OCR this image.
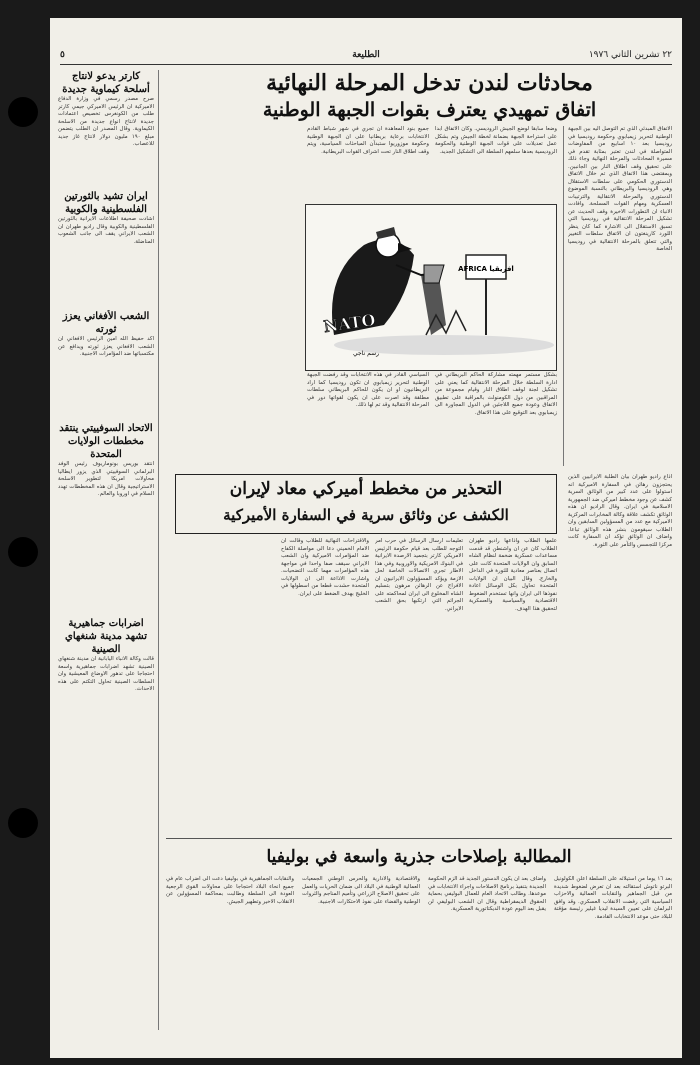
٢٢ تشرين الثاني ١٩٧٦
الطليعة
٥
محادثات لندن تدخل المرحلة النهائية
اتفاق تمهيدي يعترف بقوات الجبهة الوطنية
الاتفاق المبدئي الذي تم التوصل اليه بين الجبهة الوطنية لتحرير زيمبابوي وحكومة روديسيا في روديسيا بعد ١٠ اسابيع من المفاوضات المتواصلة في لندن تعتبر بمثابة تقدم في مسيرة المحادثات والمرحلة النهائية وجاء ذلك على تحقيق وقف اطلاق النار بين الجانبين. وبمقتضى هذا الاتفاق الذي تم خلال الاتفاق الدستوري الحكومي على سلطات الاستقلال وهي الروديسيا والبريطاني بالنسبة الموضوع الدستوري والمرحلة الانتقالية والترتيبات العسكرية ومهام القوات المسلحة. وافادت الانباء ان التطورات الاخيرة وقف الحديث عن تشكيل المرحلة الانتقالية في روديسيا التي تسبق الاستقلال الى الاشارة كما كان ينظر اللورد كارينغتون ان الاتفاق سلطات التغيير والتي تتعلق بالمرحلة الانتقالية في روديسيا الخاصة
وضعا سابقا لوضع الجيش الروديسي. وكان الاتفاق ابدا على استراحة الجبهة بضمانة لخطة الجيش وتم بشكل عمل تعديلات على قوات الجبهة الوطنية والحكومة الروديسية بعدها سلمهم السلطة الى التشكيل الجديد.
جميع بنود المعاهدة ان تجري في شهر شباط القادم الانتخابات برعاية بريطانيا على ان الجبهة الوطنية وحكومة موزوريوا ستبدآن المباحثات السياسية، ويتم وقف اطلاق النار تحت اشراف القوات البريطانية.
افريقيا AFRICA
NATO
رسم ناجي
بشكل مستمر مهمته مشاركة الحاكم البريطاني في ادارة السلطة خلال المرحلة الانتقالية كما يعني على تشكيل لجنة لوقف اطلاق النار وقيام مجموعة من المراقبين من دول الكومنولث بالمراقبة على تطبيق الاتفاق وعودة جميع اللاجئين في الدول المجاورة الى زيمبابوي بعد التوقيع على هذا الاتفاق.
السياسي القادر في هذه الانتخابات وقد رفضت الجبهة الوطنية لتحرير زيمبابوي ان تكون روديسيا كما اراد البريطانيون او ان يكون للحاكم البريطاني سلطات مطلقة وقد اصرت على ان يكون لقواتها دور في المرحلة الانتقالية وقد تم لها ذلك.
التحذير من مخطط أميركي معاد لإيران
الكشف عن وثائق سرية في السفارة الأميركية
اذاع راديو طهران بيان الطلبة الايرانيين الذين يحتجزون رهائن في السفارة الاميركية انه استولوا على عدد كبير من الوثائق السرية كشف عن وجود مخطط اميركي ضد الجمهورية الاسلامية في ايران. وقال الراديو ان هذه الوثائق تكشف علاقة وكالة المخابرات المركزية الاميركية مع عدد من المسؤولين السابقين وان الطلاب سيقومون بنشر هذه الوثائق تباعا. واضاف ان الوثائق تؤكد ان السفارة كانت مركزا للتجسس والتآمر على الثورة.
علمها الطلاب واذاعها راديو طهران الطلاب كان عن ان واشنطن قد قدمت مساعدات عسكرية ضخمة لنظام الشاه السابق وان الولايات المتحدة كانت على اتصال بعناصر معادية للثورة في الداخل والخارج. وقال البيان ان الولايات المتحدة تحاول بكل الوسائل اعادة نفوذها الى ايران وانها تستخدم الضغوط الاقتصادية والسياسية والعسكرية لتحقيق هذا الهدف.
تعليمات ارسال الرسائل في حرب أمر التوجه للطلب بعد قيام حكومة الرئيس الامريكي كارتر بتجميد الارصدة الايرانية في البنوك الامريكية والاوروبية وفي هذا الاطار تجري الاتصالات الخاصة لحل الازمة ويؤكد المسؤولون الايرانيون ان الافراج عن الرهائن مرهون بتسليم الشاه المخلوع الى ايران لمحاكمته على الجرائم التي ارتكبها بحق الشعب الايراني.
والاقتراحات النهائية للطلاب وقالت ان الامام الخميني دعا الى مواصلة الكفاح ضد المؤامرات الاميركية وان الشعب الايراني سيقف صفا واحدا في مواجهة هذه المؤامرات مهما كانت التضحيات. واشارت الاذاعة الى ان الولايات المتحدة حشدت قطعا من اسطولها في الخليج بهدف الضغط على ايران.
كارتر يدعو لانتاج أسلحة كيماوية جديدة
صرح مصدر رسمي في وزارة الدفاع الاميركية ان الرئيس الاميركي جيمي كارتر طلب من الكونغرس تخصيص اعتمادات جديدة لانتاج انواع جديدة من الاسلحة الكيماوية. وقال المصدر ان الطلب يتضمن مبلغ ١٩٠ مليون دولار لانتاج غاز جديد للاعصاب.
ايران تشيد بالثورتين الفلسطينية والكوبية
اشادت صحيفة اطلاعات الايرانية بالثورتين الفلسطينية والكوبية وقال راديو طهران ان الشعب الايراني يقف الى جانب الشعوب المناضلة.
الشعب الأفغاني يعزز ثورته
اكد حفيظ الله امين الرئيس الافغاني ان الشعب الافغاني يعزز ثورته ويدافع عن مكتسباتها ضد المؤامرات الاجنبية.
الاتحاد السوفييتي ينتقد مخططات الولايات المتحدة
انتقد بوريس بونوماريوف رئيس الوفد البرلماني السوفييتي الذي يزور ايطاليا محاولات امريكا لتطوير الاسلحة الاستراتيجية وقال ان هذه المخططات تهدد السلام في اوروبا والعالم.
اضرابات جماهيرية تشهد مدينة شنغهاي الصينية
قالت وكالة الانباء اليابانية ان مدينة شنغهاي الصينية تشهد اضرابات جماهيرية واسعة احتجاجا على تدهور الاوضاع المعيشية وان السلطات الصينية تحاول التكتم على هذه الاحداث.
المطالبة بإصلاحات جذرية واسعة في بوليفيا
بعد ١٦ يوما من استيلائه على السلطة اعلن الكولونيل البرتو ناتوش استقالته بعد ان تعرض لضغوط شديدة من قبل الجماهير والنقابات العمالية والاحزاب السياسية التي رفضت الانقلاب العسكري. وقد وافق البرلمان على تعيين السيدة ليديا غيلير رئيسة مؤقتة للبلاد حتى موعد الانتخابات القادمة.
واضاف بعد ان يكون الدستور الجديد قد الزم الحكومة الجديدة بتنفيذ برنامج الاصلاحات واجراء الانتخابات في موعدها. وطالب الاتحاد العام للعمال البوليفي بحماية الحقوق الديمقراطية وقال ان الشعب البوليفي لن يقبل بعد اليوم عودة الديكتاتورية العسكرية.
والاقتصادية والادارية والحرس الوطني الجمعيات العمالية الوطنية في البلاد الى ضمان الحريات والعمل على تحقيق الاصلاح الزراعي وتأميم المناجم والثروات الوطنية والقضاء على نفوذ الاحتكارات الاجنبية.
والنقابات الجماهيرية في بوليفيا دعت الى اضراب عام في جميع انحاء البلاد احتجاجا على محاولات القوى الرجعية العودة الى السلطة وطالبت بمحاكمة المسؤولين عن الانقلاب الاخير وتطهير الجيش.
